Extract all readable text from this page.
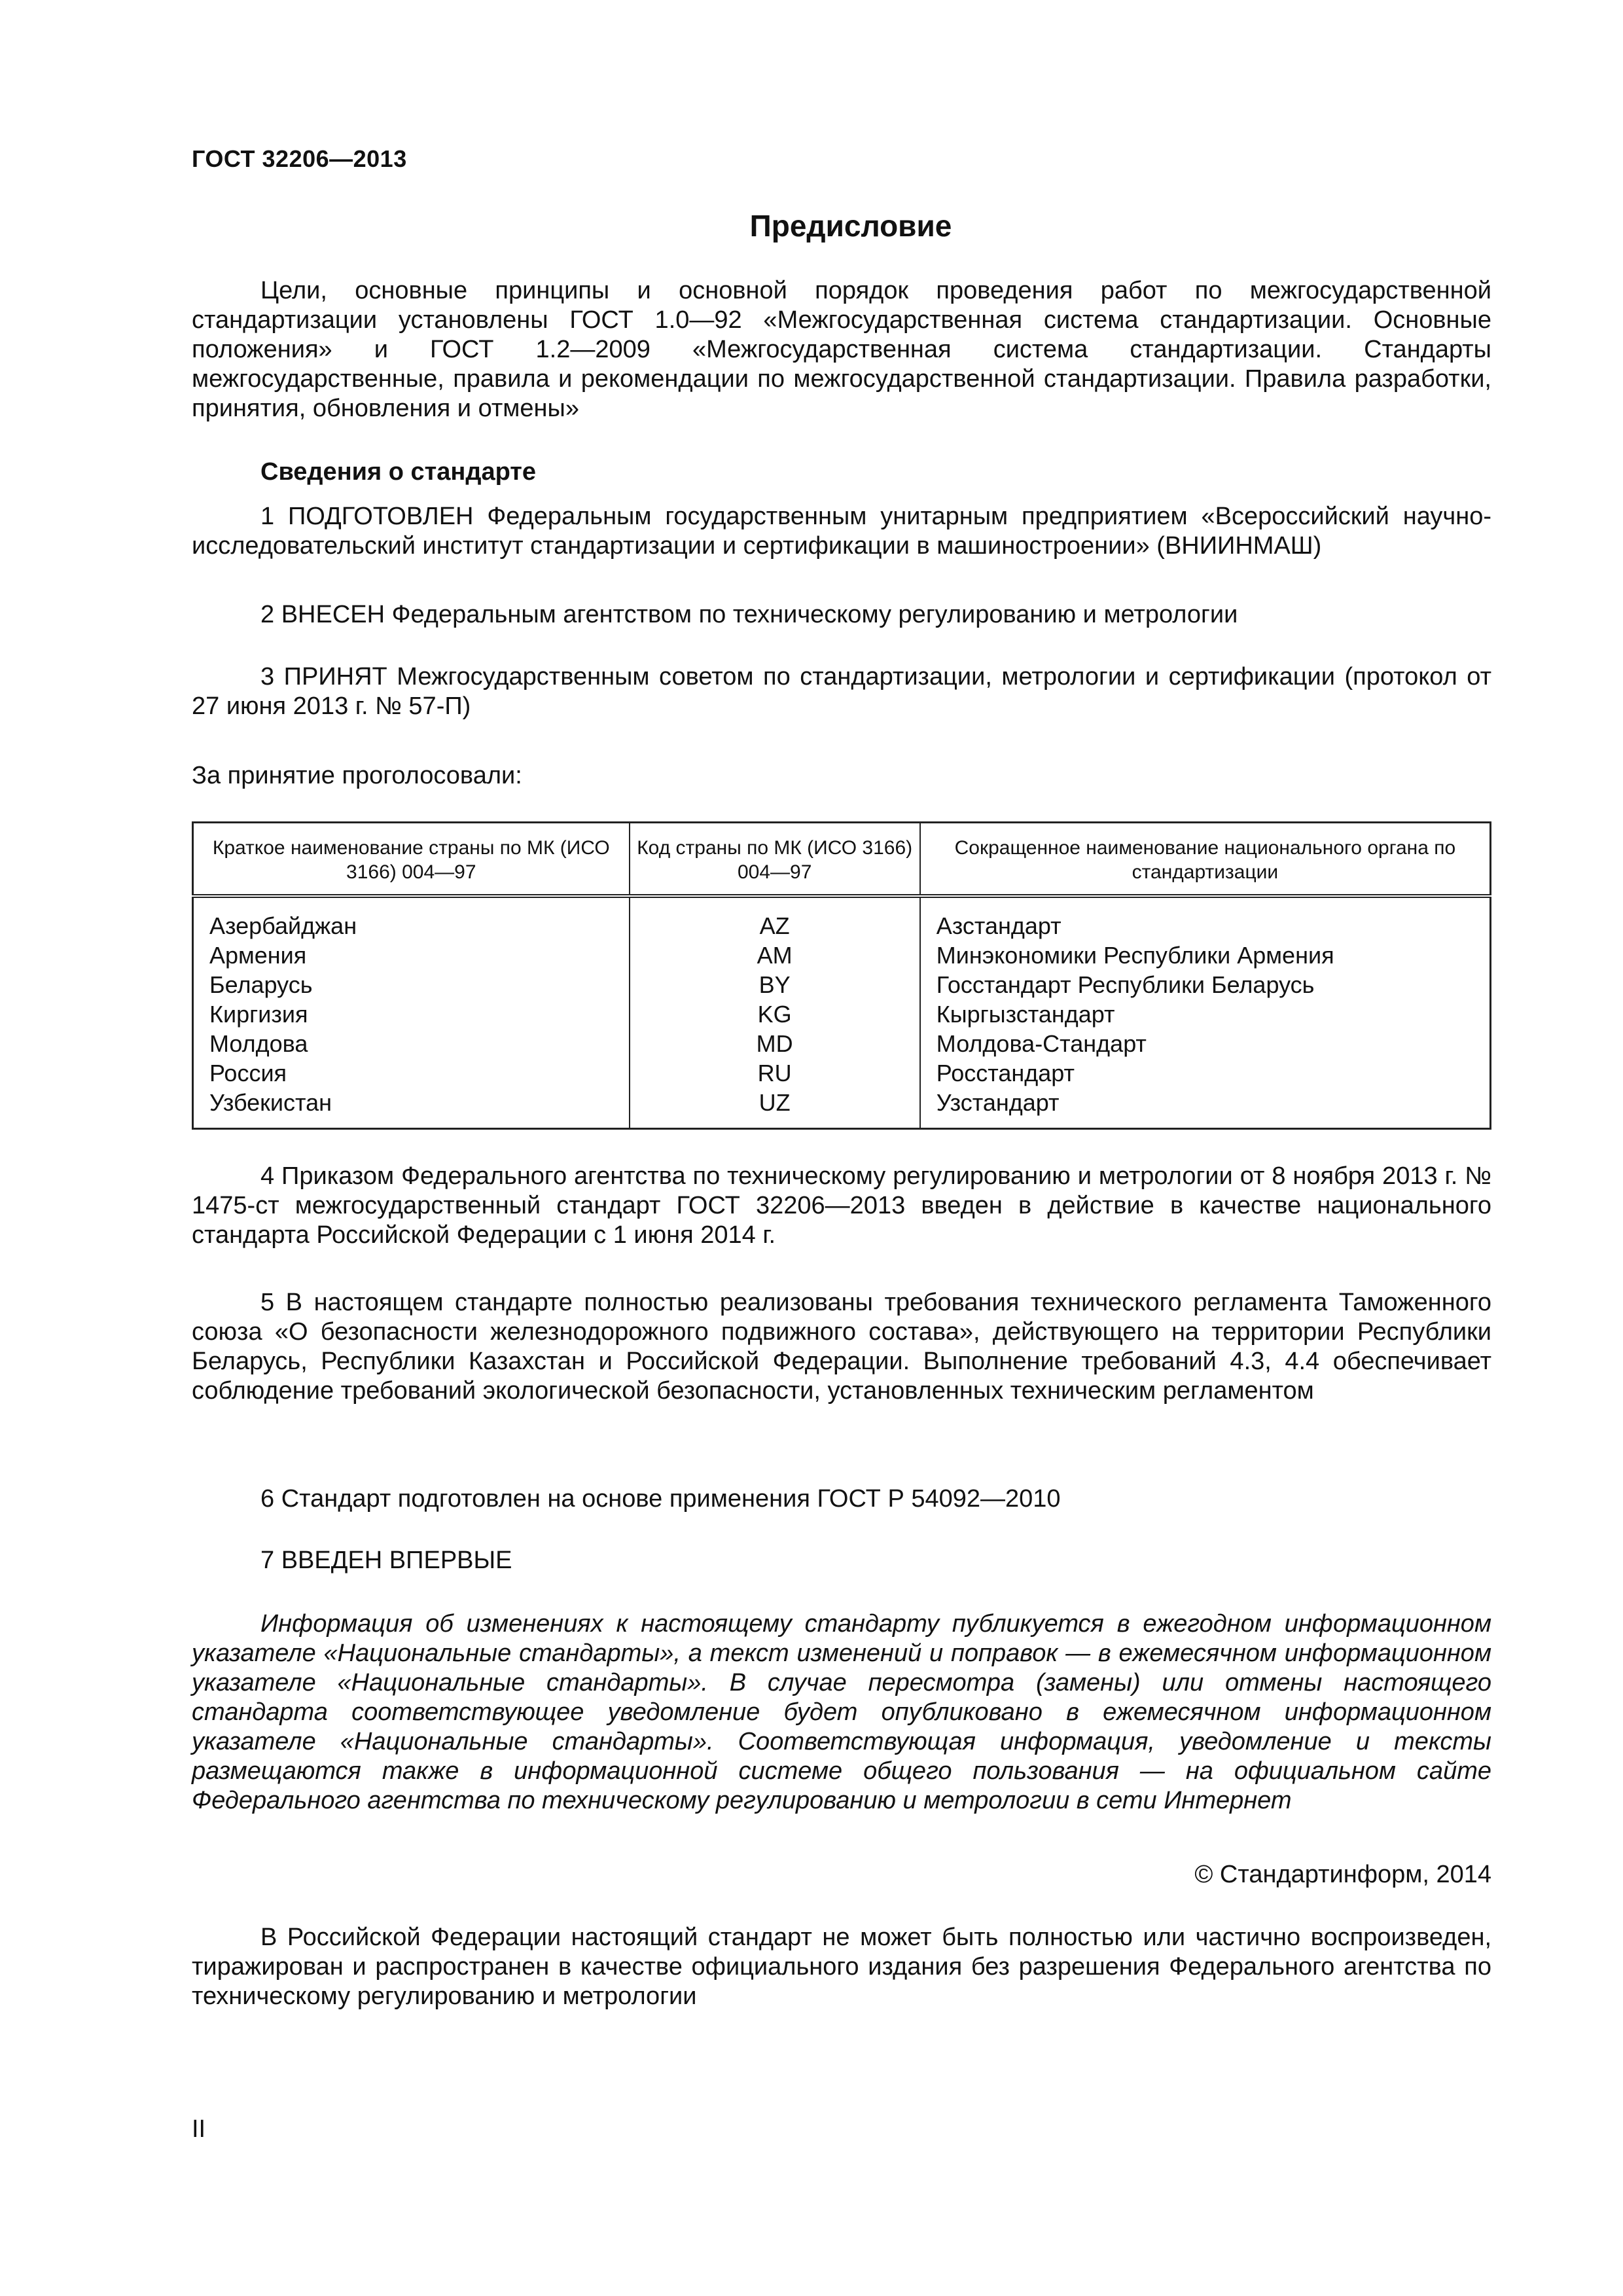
ГОСТ 32206—2013
Предисловие

Цели, основные принципы и основной порядок проведения работ по межгосударственной стандартизации установлены ГОСТ 1.0—92 «Межгосударственная система стандартизации. Основные положения» и ГОСТ 1.2—2009 «Межгосударственная система стандартизации. Стандарты межгосударственные, правила и рекомендации по межгосударственной стандартизации. Правила разработки, принятия, обновления и отмены»

Сведения о стандарте

1 ПОДГОТОВЛЕН Федеральным государственным унитарным предприятием «Всероссийский научно-исследовательский институт стандартизации и сертификации в машиностроении» (ВНИИНМАШ)

2 ВНЕСЕН Федеральным агентством по техническому регулированию и метрологии

3 ПРИНЯТ Межгосударственным советом по стандартизации, метрологии и сертификации (протокол от 27 июня 2013 г. № 57-П)

За принятие проголосовали:
Краткое наименование страны по МК (ИСО 3166) 004—97	Код страны по МК (ИСО 3166) 004—97	Сокращенное наименование национального органа по стандартизации
Азербайджан	AZ	Азстандарт
Армения	AM	Минэкономики Республики Армения
Беларусь	BY	Госстандарт Республики Беларусь
Киргизия	KG	Кыргызстандарт
Молдова	MD	Молдова-Стандарт
Россия	RU	Росстандарт
Узбекистан	UZ	Узстандарт

4 Приказом Федерального агентства по техническому регулированию и метрологии от 8 ноября 2013 г. № 1475-ст межгосударственный стандарт ГОСТ 32206—2013 введен в действие в качестве национального стандарта Российской Федерации с 1 июня 2014 г.

5 В настоящем стандарте полностью реализованы требования технического регламента Таможенного союза «О безопасности железнодорожного подвижного состава», действующего на территории Республики Беларусь, Республики Казахстан и Российской Федерации. Выполнение требований 4.3, 4.4 обеспечивает соблюдение требований экологической безопасности, установленных техническим регламентом

6 Стандарт подготовлен на основе применения ГОСТ Р 54092—2010

7 ВВЕДЕН ВПЕРВЫЕ

Информация об изменениях к настоящему стандарту публикуется в ежегодном информационном указателе «Национальные стандарты», а текст изменений и поправок — в ежемесячном информационном указателе «Национальные стандарты». В случае пересмотра (замены) или отмены настоящего стандарта соответствующее уведомление будет опубликовано в ежемесячном информационном указателе «Национальные стандарты». Соответствующая информация, уведомление и тексты размещаются также в информационной системе общего пользования — на официальном сайте Федерального агентства по техническому регулированию и метрологии в сети Интернет

© Стандартинформ, 2014

В Российской Федерации настоящий стандарт не может быть полностью или частично воспроизведен, тиражирован и распространен в качестве официального издания без разрешения Федерального агентства по техническому регулированию и метрологии

II
